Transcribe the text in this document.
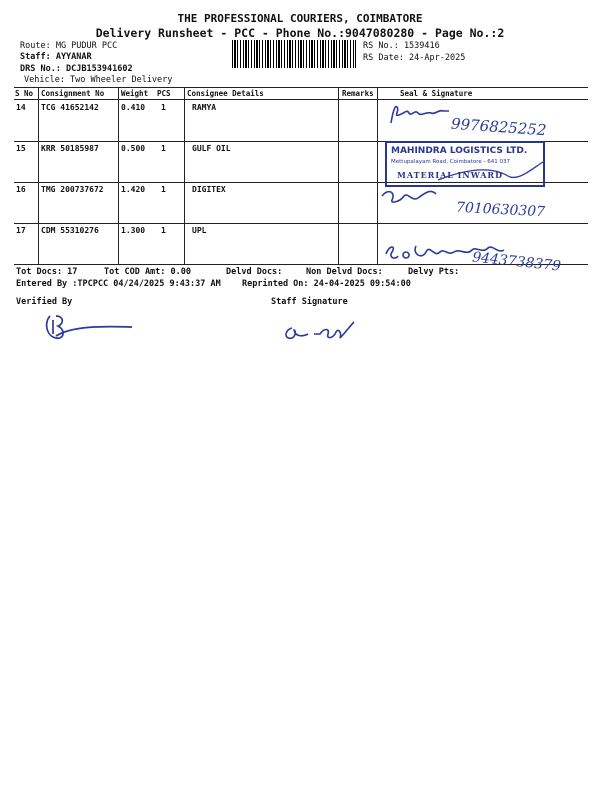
THE PROFESSIONAL COURIERS, COIMBATORE
Delivery Runsheet - PCC - Phone No.:9047080280 - Page No.:2
Route: MG PUDUR PCC
Staff: AYYANAR
DRS No.: DCJB153941602
Vehicle: Two Wheeler Delivery
RS No.: 1539416
RS Date: 24-Apr-2025
S No Consignment No Weight PCS Consignee Details	Remarks	Seal & Signature
14 TCG 41652142	0.410 1	RAMYA
15 KRR 50185987	0.500 1	GULF OIL
16 TMG 200737672 1.420 1	DIGITEX
17 CDM 55310276	1.300 1	UPL
9976825252
MAHINDRA LOGISTICS LTD.
Mettupalayam Road, Coimbatore - 641 037
MATERIAL INWARD
7010630307
9443738379
Tot Docs: 17	Tot COD Amt: 0.00	Delvd Docs:	Non Delvd Docs:	Delvy Pts:
Entered By :TPCPCC 04/24/2025 9:43:37 AM	Reprinted On: 24-04-2025 09:54:00
Verified By	Staff Signature
